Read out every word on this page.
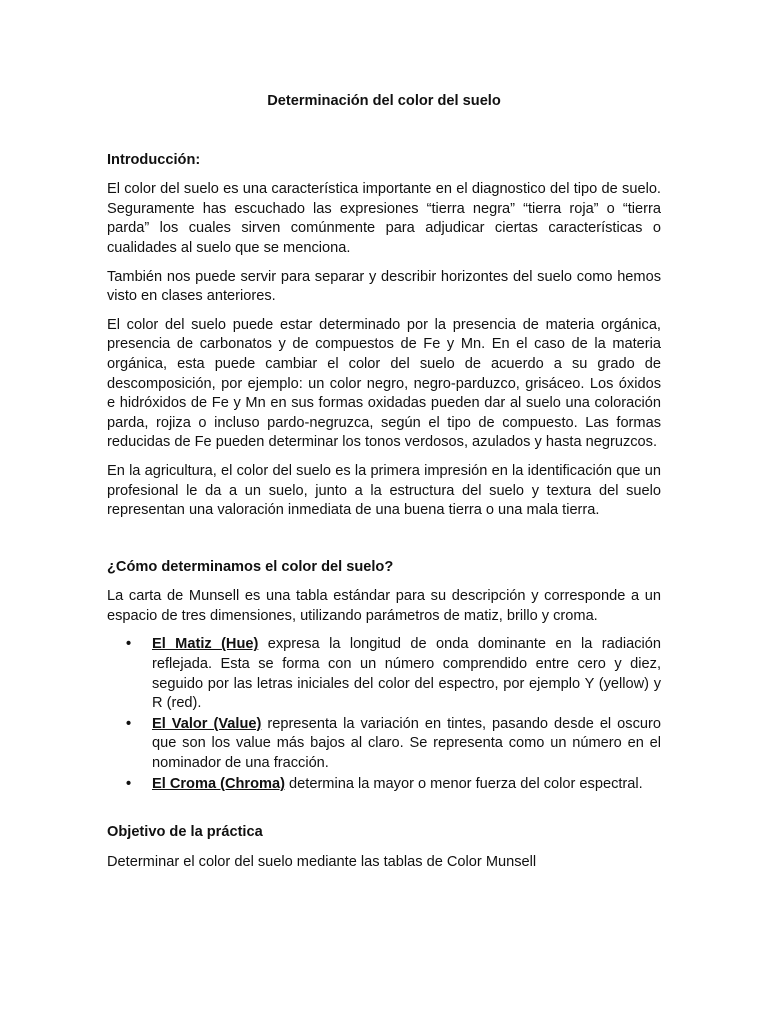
Determinación del color del suelo

Introducción:

El color del suelo es una característica importante en el diagnostico del tipo de suelo. Seguramente has escuchado las expresiones “tierra negra” “tierra roja” o “tierra parda” los cuales sirven comúnmente para adjudicar ciertas características o cualidades al suelo que se menciona.

También nos puede servir para separar y describir horizontes del suelo como hemos visto en clases anteriores.

El color del suelo puede estar determinado por la presencia de materia orgánica, presencia de carbonatos y de compuestos de Fe y Mn. En el caso de la materia orgánica, esta puede cambiar el color del suelo de acuerdo a su grado de descomposición, por ejemplo: un color negro, negro-parduzco, grisáceo. Los óxidos e hidróxidos de Fe y Mn en sus formas oxidadas pueden dar al suelo una coloración parda, rojiza o incluso pardo-negruzca, según el tipo de compuesto. Las formas reducidas de Fe pueden determinar los tonos verdosos, azulados y hasta negruzcos.

En la agricultura, el color del suelo es la primera impresión en la identificación que un profesional le da a un suelo, junto a la estructura del suelo y textura del suelo representan una valoración inmediata de una buena tierra o una mala tierra.

¿Cómo determinamos el color del suelo?

La carta de Munsell es una tabla estándar para su descripción y corresponde a un espacio de tres dimensiones, utilizando parámetros de matiz, brillo y croma.

• El Matiz (Hue) expresa la longitud de onda dominante en la radiación reflejada. Esta se forma con un número comprendido entre cero y diez, seguido por las letras iniciales del color del espectro, por ejemplo Y (yellow) y R (red).
• El Valor (Value) representa la variación en tintes, pasando desde el oscuro que son los value más bajos al claro. Se representa como un número en el nominador de una fracción.
• El Croma (Chroma) determina la mayor o menor fuerza del color espectral.

Objetivo de la práctica

Determinar el color del suelo mediante las tablas de Color Munsell
